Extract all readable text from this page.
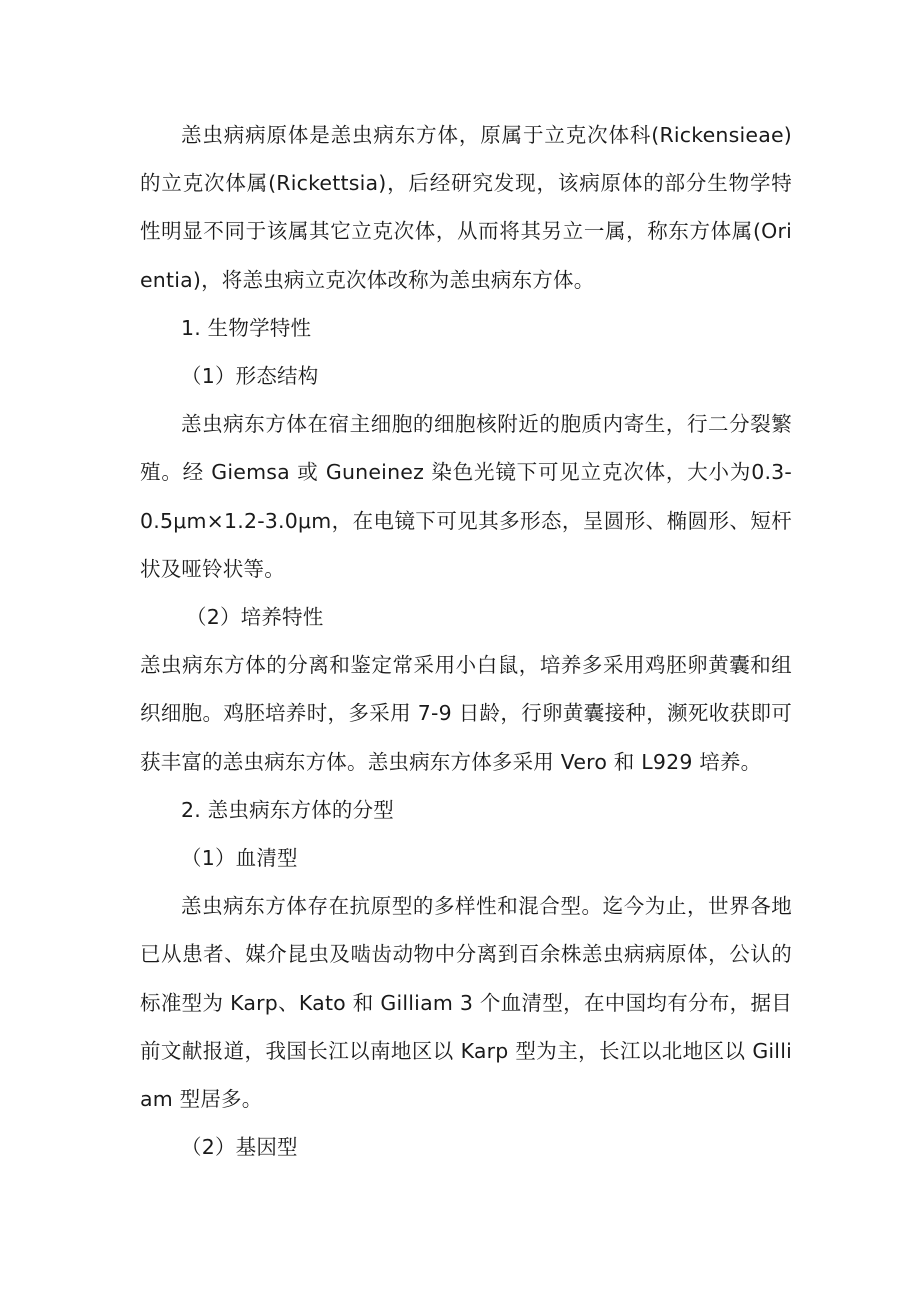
恙虫病病原体是恙虫病东方体，原属于立克次体科(Rickensieae)的立克次体属(Rickettsia)，后经研究发现，该病原体的部分生物学特性明显不同于该属其它立克次体，从而将其另立一属，称东方体属(Orientia)，将恙虫病立克次体改称为恙虫病东方体。

1. 生物学特性

（1）形态结构

恙虫病东方体在宿主细胞的细胞核附近的胞质内寄生，行二分裂繁殖。经 Giemsa 或 Guneinez 染色光镜下可见立克次体，大小为0.3-0.5μm×1.2-3.0μm，在电镜下可见其多形态，呈圆形、椭圆形、短杆状及哑铃状等。

（2）培养特性

恙虫病东方体的分离和鉴定常采用小白鼠，培养多采用鸡胚卵黄囊和组织细胞。鸡胚培养时，多采用 7-9 日龄，行卵黄囊接种，濒死收获即可获丰富的恙虫病东方体。恙虫病东方体多采用 Vero 和 L929 培养。

2. 恙虫病东方体的分型

（1）血清型

恙虫病东方体存在抗原型的多样性和混合型。迄今为止，世界各地已从患者、媒介昆虫及啮齿动物中分离到百余株恙虫病病原体，公认的标准型为 Karp、Kato 和 Gilliam 3 个血清型，在中国均有分布，据目前文献报道，我国长江以南地区以 Karp 型为主，长江以北地区以 Gilliam 型居多。

（2）基因型
